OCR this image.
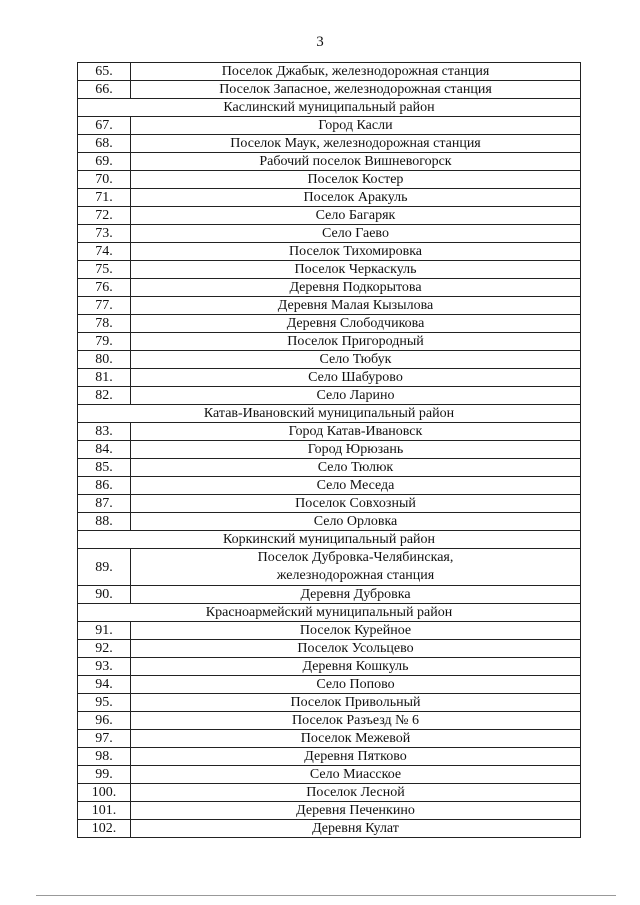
3
65.	Поселок Джабык, железнодорожная станция
66.	Поселок Запасное, железнодорожная станция
Каслинский муниципальный район	
67.	Город Касли
68.	Поселок Маук, железнодорожная станция
69.	Рабочий поселок Вишневогорск
70.	Поселок Костер
71.	Поселок Аракуль
72.	Село Багаряк
73.	Село Гаево
74.	Поселок Тихомировка
75.	Поселок Черкаскуль
76.	Деревня Подкорытова
77.	Деревня Малая Кызылова
78.	Деревня Слободчикова
79.	Поселок Пригородный
80.	Село Тюбук
81.	Село Шабурово
82.	Село Ларино
Катав-Ивановский муниципальный район	
83.	Город Катав-Ивановск
84.	Город Юрюзань
85.	Село Тюлюк
86.	Село Меседа
87.	Поселок Совхозный
88.	Село Орловка
Коркинский муниципальный район	
89.	Поселок Дубровка-Челябинская,
железнодорожная станция

90.	Деревня Дубровка
Красноармейский муниципальный район	
91.	Поселок Курейное
92.	Поселок Усольцево
93.	Деревня Кошкуль
94.	Село Попово
95.	Поселок Привольный
96.	Поселок Разъезд № 6
97.	Поселок Межевой
98.	Деревня Пятково
99.	Село Миасское
100.	Поселок Лесной
101.	Деревня Печенкино
102.	Деревня Кулат
